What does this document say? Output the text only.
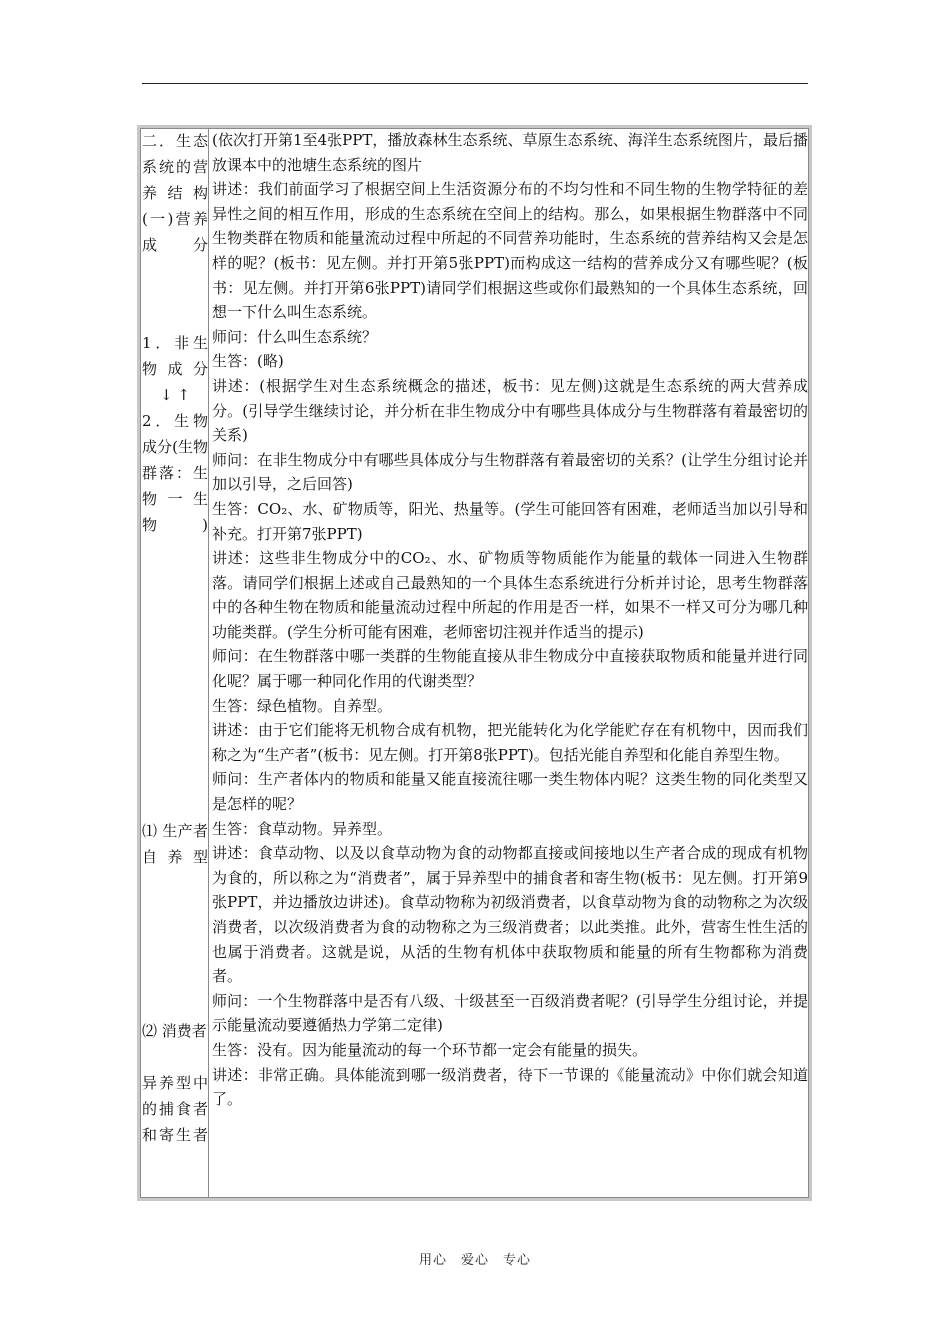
二．生态系统的营养结构

(一)营养成分

1．非生物成分

↓ ↑

2．生物成分(生物群落：生物 一 生物)

⑴ 生产者 自养型

⑵ 消费者

异养型中的捕食者和寄生者

(依次打开第1至4张PPT，播放森林生态系统、草原生态系统、海洋生态系统图片，最后播放课本中的池塘生态系统的图片

讲述：我们前面学习了根据空间上生活资源分布的不均匀性和不同生物的生物学特征的差异性之间的相互作用，形成的生态系统在空间上的结构。那么，如果根据生物群落中不同生物类群在物质和能量流动过程中所起的不同营养功能时，生态系统的营养结构又会是怎样的呢？(板书：见左侧。并打开第5张PPT)而构成这一结构的营养成分又有哪些呢？(板书：见左侧。并打开第6张PPT)请同学们根据这些或你们最熟知的一个具体生态系统，回想一下什么叫生态系统。

师问：什么叫生态系统？

生答：(略)

讲述：(根据学生对生态系统概念的描述，板书：见左侧)这就是生态系统的两大营养成分。(引导学生继续讨论，并分析在非生物成分中有哪些具体成分与生物群落有着最密切的关系)

师问：在非生物成分中有哪些具体成分与生物群落有着最密切的关系？(让学生分组讨论并加以引导，之后回答)

生答：CO₂、水、矿物质等，阳光、热量等。(学生可能回答有困难，老师适当加以引导和补充。打开第7张PPT)

讲述：这些非生物成分中的CO₂、水、矿物质等物质能作为能量的载体一同进入生物群落。请同学们根据上述或自己最熟知的一个具体生态系统进行分析并讨论，思考生物群落中的各种生物在物质和能量流动过程中所起的作用是否一样，如果不一样又可分为哪几种功能类群。(学生分析可能有困难，老师密切注视并作适当的提示)

师问：在生物群落中哪一类群的生物能直接从非生物成分中直接获取物质和能量并进行同化呢？属于哪一种同化作用的代谢类型？

生答：绿色植物。自养型。

讲述：由于它们能将无机物合成有机物，把光能转化为化学能贮存在有机物中，因而我们称之为“生产者”(板书：见左侧。打开第8张PPT)。包括光能自养型和化能自养型生物。

师问：生产者体内的物质和能量又能直接流往哪一类生物体内呢？这类生物的同化类型又是怎样的呢？

生答：食草动物。异养型。

讲述：食草动物、以及以食草动物为食的动物都直接或间接地以生产者合成的现成有机物为食的，所以称之为“消费者”，属于异养型中的捕食者和寄生物(板书：见左侧。打开第9张PPT，并边播放边讲述)。食草动物称为初级消费者，以食草动物为食的动物称之为次级消费者，以次级消费者为食的动物称之为三级消费者；以此类推。此外，营寄生性生活的也属于消费者。这就是说，从活的生物有机体中获取物质和能量的所有生物都称为消费者。

师问：一个生物群落中是否有八级、十级甚至一百级消费者呢？(引导学生分组讨论，并提示能量流动要遵循热力学第二定律)

生答：没有。因为能量流动的每一个环节都一定会有能量的损失。

讲述：非常正确。具体能流到哪一级消费者，待下一节课的《能量流动》中你们就会知道了。

用心　爱心　专心
